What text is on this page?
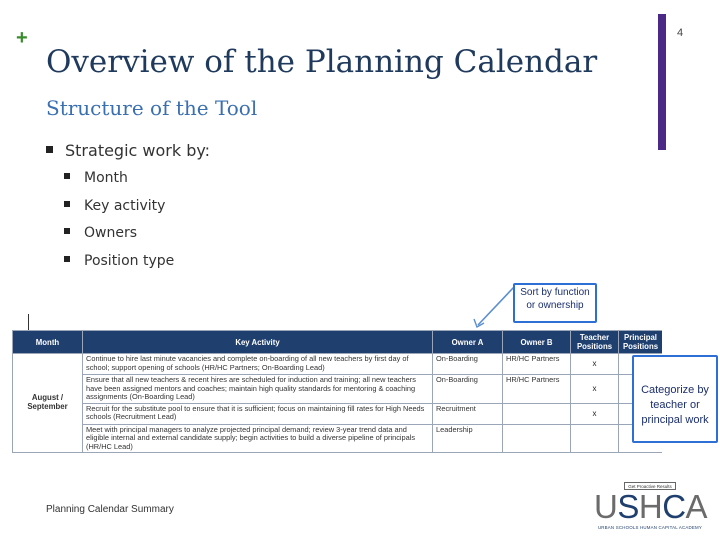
+
Overview of the Planning Calendar
4
Structure of the Tool
Strategic work by:
Month
Key activity
Owners
Position type
Sort by function or ownership
Month	Key Activity	Owner A	Owner B	Teacher Positions	Principal Positions
August / September	Continue to hire last minute vacancies and complete on-boarding of all new teachers by first day of school; support opening of schools (HR/HC Partners; On-Boarding Lead)	On-Boarding	HR/HC Partners	x	
	Ensure that all new teachers & recent hires are scheduled for induction and training; all new teachers have been assigned mentors and coaches; maintain high quality standards for mentoring & coaching assignments (On-Boarding Lead)	On-Boarding	HR/HC Partners	x	
	Recruit for the substitute pool to ensure that it is sufficient; focus on maintaining fill rates for High Needs schools (Recruitment Lead)	Recruitment		x	
	Meet with principal managers to analyze projected principal demand; review 3-year trend data and eligible internal and external candidate supply; begin activities to build a diverse pipeline of principals (HR/HC Lead)	Leadership			
Categorize by teacher or principal work
Planning Calendar Summary
Get Proactive Results
USHCA
URBAN SCHOOLS HUMAN CAPITAL ACADEMY
